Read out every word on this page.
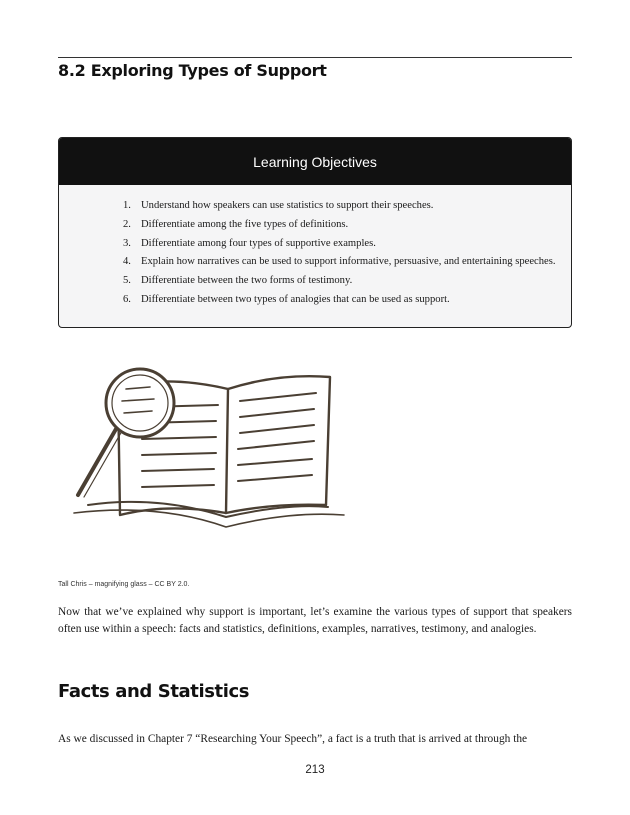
8.2 Exploring Types of Support
Learning Objectives
1. Understand how speakers can use statistics to support their speeches.
2. Differentiate among the five types of definitions.
3. Differentiate among four types of supportive examples.
4. Explain how narratives can be used to support informative, persuasive, and entertaining speeches.
5. Differentiate between the two forms of testimony.
6. Differentiate between two types of analogies that can be used as support.

Tall Chris – magnifying glass – CC BY 2.0.

Now that we’ve explained why support is important, let’s examine the various types of support that speakers often use within a speech: facts and statistics, definitions, examples, narratives, testimony, and analogies.

Facts and Statistics

As we discussed in Chapter 7 “Researching Your Speech”, a fact is a truth that is arrived at through the

213
